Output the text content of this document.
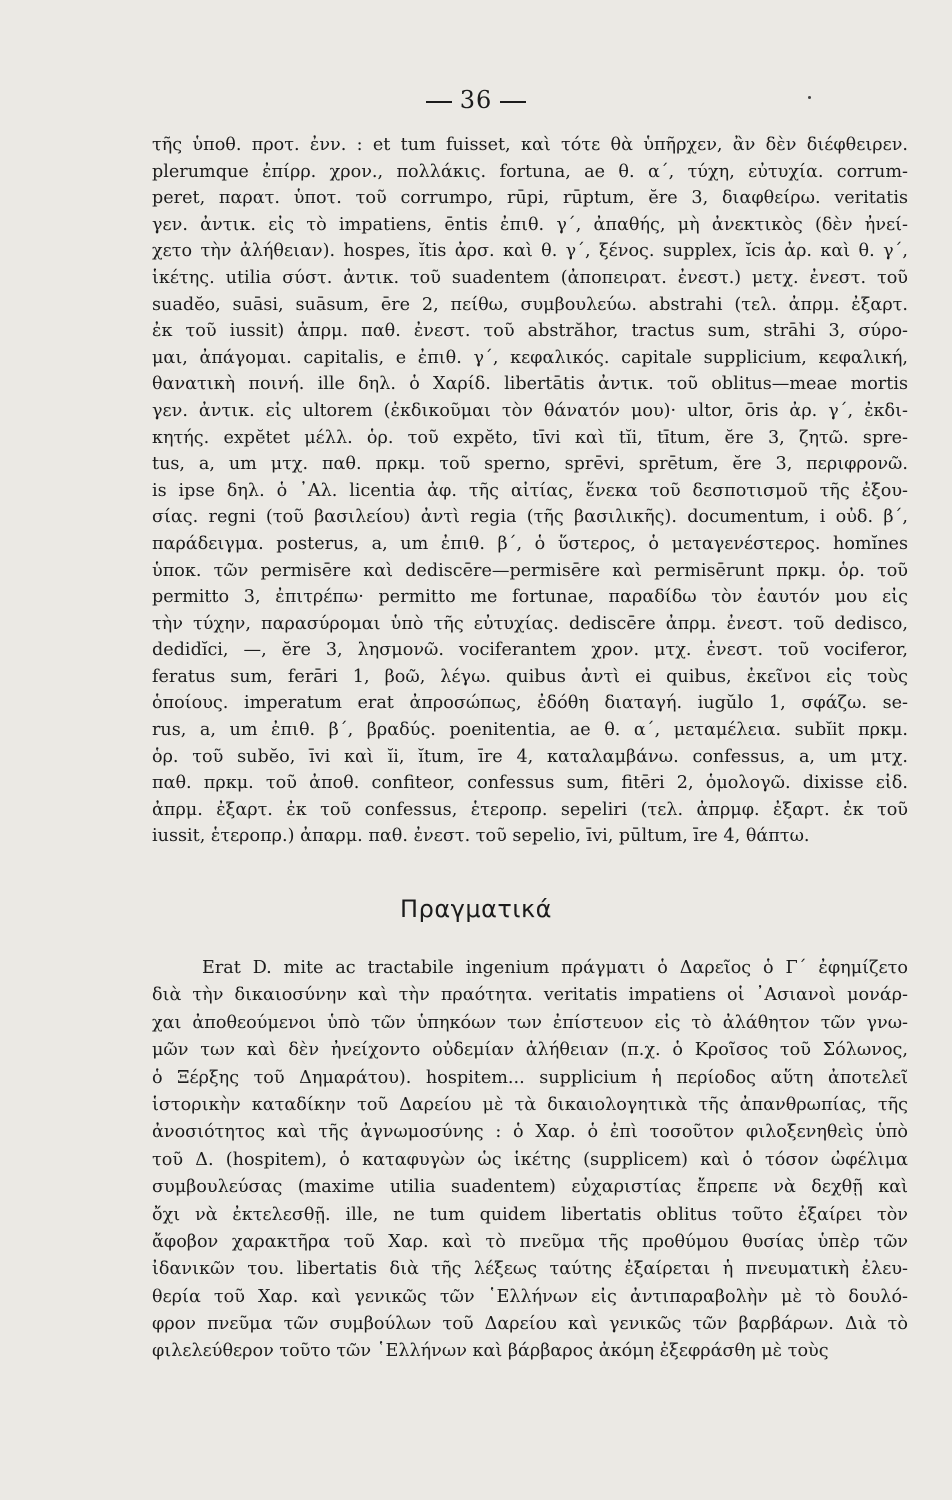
36
τῆς ὑποθ. προτ. ἐνν. : et tum fuisset, καὶ τότε θὰ ὑπῆρχεν, ἂν δὲν διέφθειρεν.
plerumque ἐπίρρ. χρον., πολλάκις. fortuna, ae θ. α΄, τύχη, εὐτυχία. corrum-
peret, παρατ. ὑποτ. τοῦ corrumpo, rūpi, rūptum, ĕre 3, διαφθείρω. veritatis
γεν. ἀντικ. εἰς τὸ impatiens, ēntis ἐπιθ. γ΄, ἀπαθής, μὴ ἀνεκτικὸς (δὲν ἠνεί-
χετο τὴν ἀλήθειαν). hospes, ĭtis ἀρσ. καὶ θ. γ΄, ξένος. supplex, ĭcis ἀρ. καὶ θ. γ΄,
ἱκέτης. utilia σύστ. ἀντικ. τοῦ suadentem (ἀποπειρατ. ἐνεστ.) μετχ. ἐνεστ. τοῦ
suadĕo, suāsi, suāsum, ēre 2, πείθω, συμβουλεύω. abstrahi (τελ. ἀπρμ. ἐξαρτ.
ἐκ τοῦ iussit) ἀπρμ. παθ. ἐνεστ. τοῦ abstrăhor, tractus sum, strāhi 3, σύρο-
μαι, ἀπάγομαι. capitalis, e ἐπιθ. γ΄, κεφαλικός. capitale supplicium, κεφαλική,
θανατικὴ ποινή. ille δηλ. ὁ Χαρίδ. libertātis ἀντικ. τοῦ oblitus—meae mortis
γεν. ἀντικ. εἰς ultorem (ἐκδικοῦμαι τὸν θάνατόν μου)· ultor, ōris ἀρ. γ΄, ἐκδι-
κητής. expĕtet μέλλ. ὁρ. τοῦ expĕto, tīvi καὶ tĭi, tītum, ĕre 3, ζητῶ. spre-
tus, a, um μτχ. παθ. πρκμ. τοῦ sperno, sprēvi, sprētum, ĕre 3, περιφρονῶ.
is ipse δηλ. ὁ ᾿Αλ. licentia ἀφ. τῆς αἰτίας, ἕνεκα τοῦ δεσποτισμοῦ τῆς ἐξου-
σίας. regni (τοῦ βασιλείου) ἀντὶ regia (τῆς βασιλικῆς). documentum, i οὐδ. β΄,
παράδειγμα. posterus, a, um ἐπιθ. β΄, ὁ ὕστερος, ὁ μεταγενέστερος. homĭnes
ὑποκ. τῶν permisēre καὶ dediscēre—permisēre καὶ permisērunt πρκμ. ὁρ. τοῦ
permitto 3, ἐπιτρέπω· permitto me fortunae, παραδίδω τὸν ἑαυτόν μου εἰς
τὴν τύχην, παρασύρομαι ὑπὸ τῆς εὐτυχίας. dediscēre ἀπρμ. ἐνεστ. τοῦ dedisco,
dedidĭci, —, ĕre 3, λησμονῶ. vociferantem χρον. μτχ. ἐνεστ. τοῦ vociferor,
feratus sum, ferāri 1, βοῶ, λέγω. quibus ἀντὶ ei quibus, ἐκεῖνοι εἰς τοὺς
ὁποίους. imperatum erat ἀπροσώπως, ἐδόθη διαταγή. iugŭlo 1, σφάζω. se-
rus, a, um ἐπιθ. β΄, βραδύς. poenitentia, ae θ. α΄, μεταμέλεια. subĭit πρκμ.
ὁρ. τοῦ subĕo, īvi καὶ ĭi, ĭtum, īre 4, καταλαμβάνω. confessus, a, um μτχ.
παθ. πρκμ. τοῦ ἀποθ. confiteor, confessus sum, fitēri 2, ὁμολογῶ. dixisse εἰδ.
ἀπρμ. ἐξαρτ. ἐκ τοῦ confessus, ἑτεροπρ. sepeliri (τελ. ἀπρμφ. ἐξαρτ. ἐκ τοῦ
iussit, ἑτεροπρ.) ἀπαρμ. παθ. ἐνεστ. τοῦ sepelio, īvi, pūltum, īre 4, θάπτω.
Πραγματικά
Erat D. mite ac tractabile ingenium πράγματι ὁ Δαρεῖος ὁ Γ΄ ἐφημίζετο
διὰ τὴν δικαιοσύνην καὶ τὴν πραότητα. veritatis impatiens οἱ ᾿Ασιανοὶ μονάρ-
χαι ἀποθεούμενοι ὑπὸ τῶν ὑπηκόων των ἐπίστευον εἰς τὸ ἀλάθητον τῶν γνω-
μῶν των καὶ δὲν ἠνείχοντο οὐδεμίαν ἀλήθειαν (π.χ. ὁ Κροῖσος τοῦ Σόλωνος,
ὁ Ξέρξης τοῦ Δημαράτου). hospitem... supplicium ἡ περίοδος αὕτη ἀποτελεῖ
ἱστορικὴν καταδίκην τοῦ Δαρείου μὲ τὰ δικαιολογητικὰ τῆς ἀπανθρωπίας, τῆς
ἀνοσιότητος καὶ τῆς ἀγνωμοσύνης : ὁ Χαρ. ὁ ἐπὶ τοσοῦτον φιλοξενηθεὶς ὑπὸ
τοῦ Δ. (hospitem), ὁ καταφυγὼν ὡς ἱκέτης (supplicem) καὶ ὁ τόσον ὠφέλιμα
συμβουλεύσας (maxime utilia suadentem) εὐχαριστίας ἔπρεπε νὰ δεχθῇ καὶ
ὄχι νὰ ἐκτελεσθῇ. ille, ne tum quidem libertatis oblitus τοῦτο ἐξαίρει τὸν
ἄφοβον χαρακτῆρα τοῦ Χαρ. καὶ τὸ πνεῦμα τῆς προθύμου θυσίας ὑπὲρ τῶν
ἰδανικῶν του. libertatis διὰ τῆς λέξεως ταύτης ἐξαίρεται ἡ πνευματικὴ ἐλευ-
θερία τοῦ Χαρ. καὶ γενικῶς τῶν ῾Ελλήνων εἰς ἀντιπαραβολὴν μὲ τὸ δουλό-
φρον πνεῦμα τῶν συμβούλων τοῦ Δαρείου καὶ γενικῶς τῶν βαρβάρων. Διὰ τὸ
φιλελεύθερον τοῦτο τῶν ῾Ελλήνων καὶ βάρβαρος ἀκόμη ἐξεφράσθη μὲ τοὺς
